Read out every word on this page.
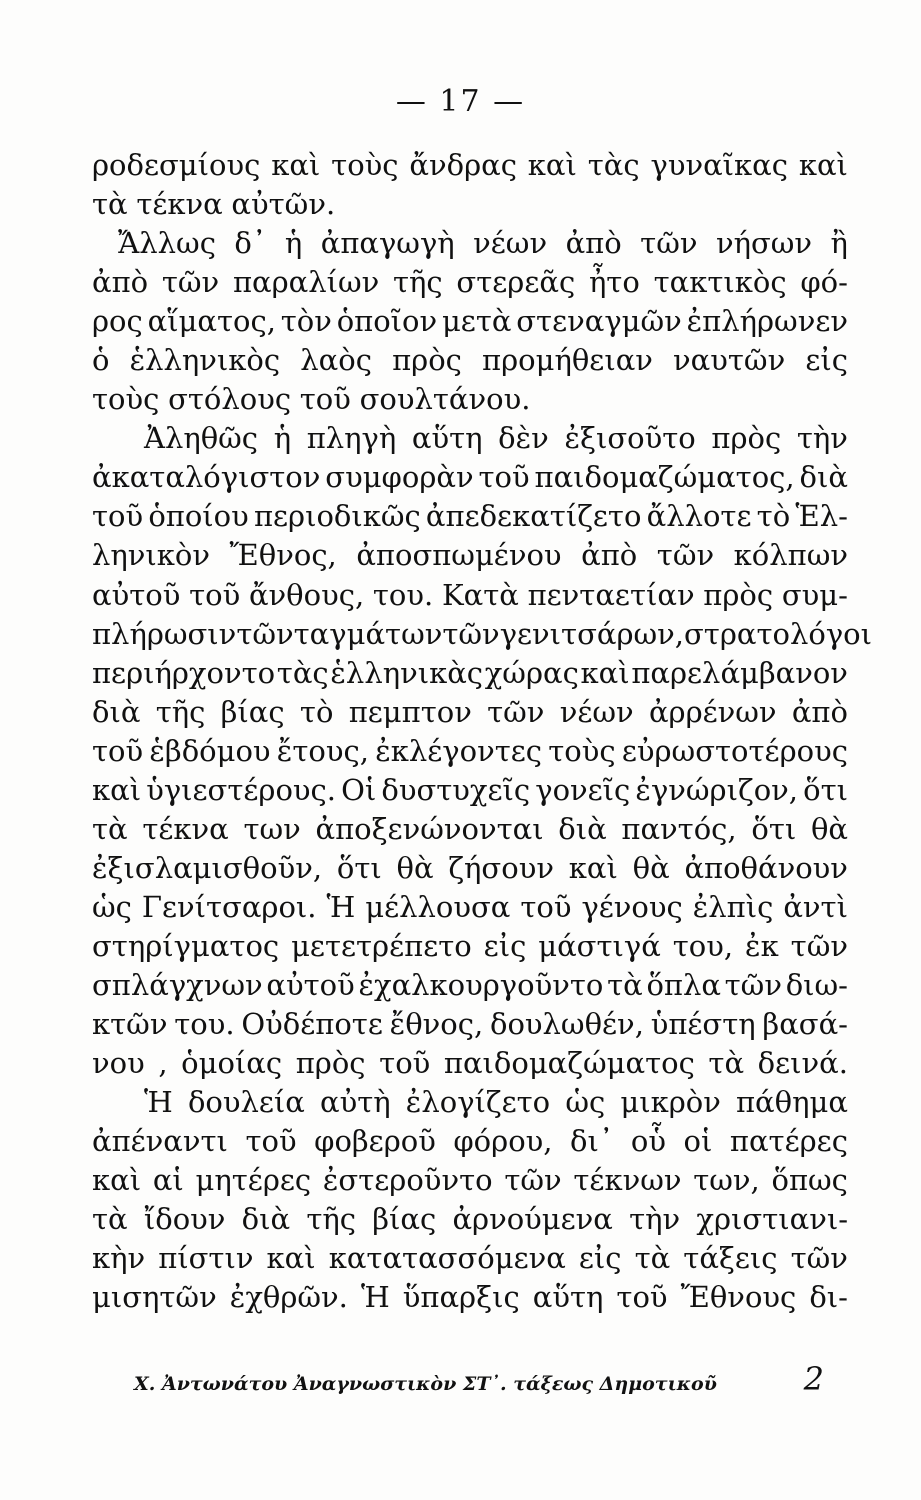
— 17 —
ροδεσμίους καὶ τοὺς ἄνδρας καὶ τὰς γυναῖκας καὶ
τὰ τέκνα αὐτῶν.
Ἄλλως δ᾿ ἡ ἀπαγωγὴ νέων ἀπὸ τῶν νήσων ἢ
ἀπὸ τῶν παραλίων τῆς στερεᾶς ἦτο τακτικὸς φό-
ρος αἵματος, τὸν ὁποῖον μετὰ στεναγμῶν ἐπλήρωνεν
ὁ ἑλληνικὸς λαὸς πρὸς προμήθειαν ναυτῶν εἰς
τοὺς στόλους τοῦ σουλτάνου.
Ἀληθῶς ἡ πληγὴ αὕτη δὲν ἐξισοῦτο πρὸς τὴν
ἀκαταλόγιστον συμφορὰν τοῦ παιδομαζώματος, διὰ
τοῦ ὁποίου περιοδικῶς ἀπεδεκατίζετο ἄλλοτε τὸ Ἑλ-
ληνικὸν Ἔθνος, ἀποσπωμένου ἀπὸ τῶν κόλπων
αὐτοῦ τοῦ ἄνθους, του. Κατὰ πενταετίαν πρὸς συμ-
πλήρωσιν τῶν ταγμάτων τῶν γενιτσάρων, στρατολόγοι
περιήρχοντο τὰς ἑλληνικὰς χώρας καὶ παρελάμβανον
διὰ τῆς βίας τὸ πεμπτον τῶν νέων ἀρρένων ἀπὸ
τοῦ ἑβδόμου ἔτους, ἐκλέγοντες τοὺς εὐρωστοτέρους
καὶ ὑγιεστέρους. Οἱ δυστυχεῖς γονεῖς ἐγνώριζον, ὅτι
τὰ τέκνα των ἀποξενώνονται διὰ παντός, ὅτι θὰ
ἐξισλαμισθοῦν, ὅτι θὰ ζήσουν καὶ θὰ ἀποθάνουν
ὡς Γενίτσαροι. Ἡ μέλλουσα τοῦ γένους ἐλπὶς ἀντὶ
στηρίγματος μετετρέπετο εἰς μάστιγά του, ἐκ τῶν
σπλάγχνων αὐτοῦ ἐχαλκουργοῦντο τὰ ὅπλα τῶν διω-
κτῶν του. Οὐδέποτε ἔθνος, δουλωθέν, ὑπέστη βασά-
νου , ὁμοίας πρὸς τοῦ παιδομαζώματος τὰ δεινά.
Ἡ δουλεία αὐτὴ ἐλογίζετο ὡς μικρὸν πάθημα
ἀπέναντι τοῦ φοβεροῦ φόρου, δι᾿ οὗ οἱ πατέρες
καὶ αἱ μητέρες ἐστεροῦντο τῶν τέκνων των, ὅπως
τὰ ἴδουν διὰ τῆς βίας ἀρνούμενα τὴν χριστιανι-
κὴν πίστιν καὶ κατατασσόμενα εἰς τὰ τάξεις τῶν
μισητῶν ἐχθρῶν. Ἡ ὕπαρξις αὕτη τοῦ Ἔθνους δι-
Χ. Ἀντωνάτου Ἀναγνωστικὸν ΣΤ᾿. τάξεως Δημοτικοῦ	2
